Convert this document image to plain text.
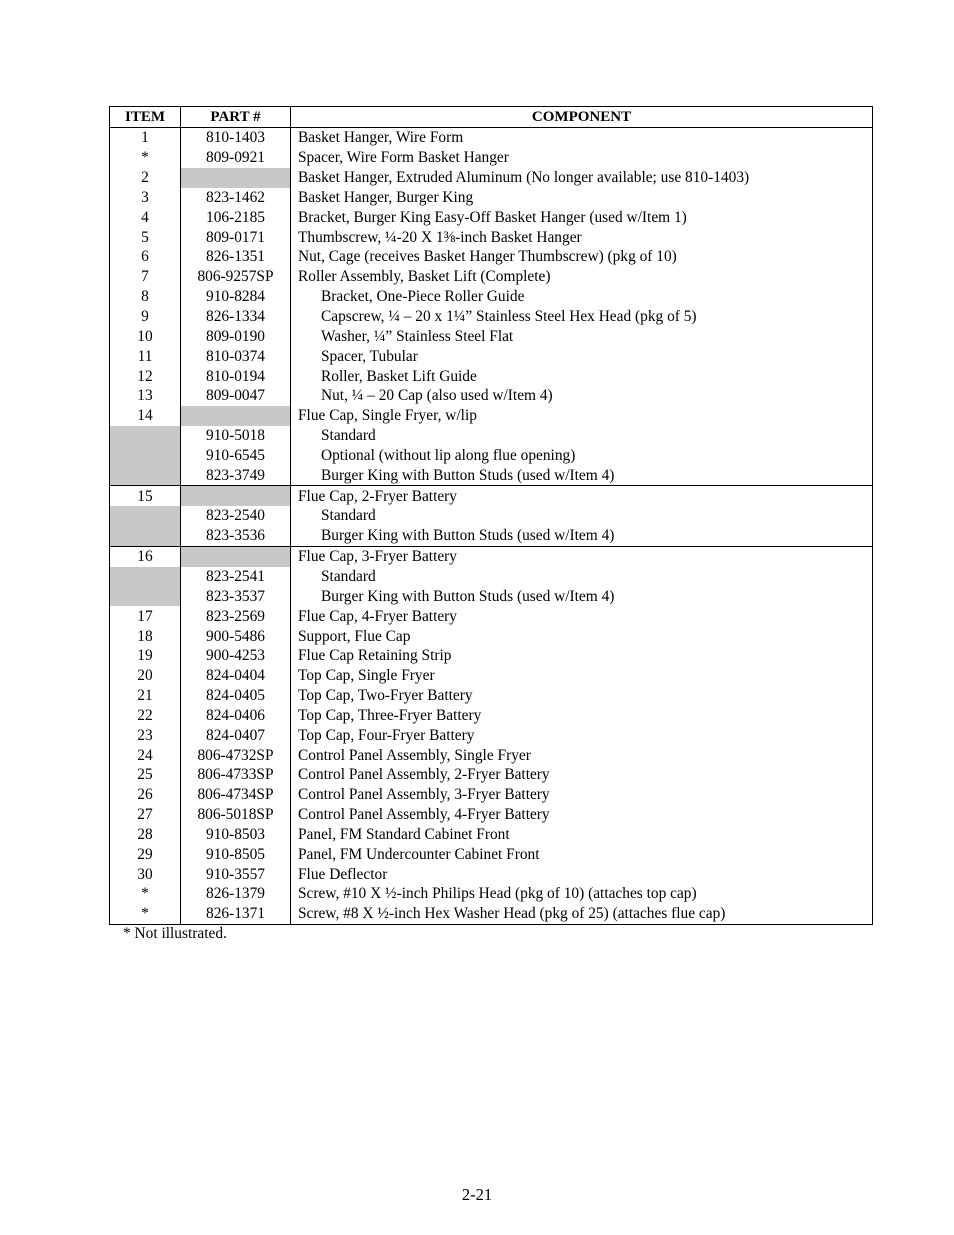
ITEM	PART #	COMPONENT
1	810-1403	Basket Hanger, Wire Form
*	809-0921	Spacer, Wire Form Basket Hanger
2		Basket Hanger, Extruded Aluminum (No longer available; use 810-1403)
3	823-1462	Basket Hanger, Burger King
4	106-2185	Bracket, Burger King Easy-Off Basket Hanger (used w/Item 1)
5	809-0171	Thumbscrew, ¼-20 X 1⅜-inch Basket Hanger
6	826-1351	Nut, Cage (receives Basket Hanger Thumbscrew) (pkg of 10)
7	806-9257SP	Roller Assembly, Basket Lift (Complete)
8	910-8284	Bracket, One-Piece Roller Guide
9	826-1334	Capscrew, ¼ – 20 x 1¼” Stainless Steel Hex Head (pkg of 5)
10	809-0190	Washer, ¼” Stainless Steel Flat
11	810-0374	Spacer, Tubular
12	810-0194	Roller, Basket Lift Guide
13	809-0047	Nut, ¼ – 20 Cap (also used w/Item 4)
14		Flue Cap, Single Fryer, w/lip
	910-5018	Standard
	910-6545	Optional (without lip along flue opening)
	823-3749	Burger King with Button Studs (used w/Item 4)
15		Flue Cap, 2-Fryer Battery
	823-2540	Standard
	823-3536	Burger King with Button Studs (used w/Item 4)
16		Flue Cap, 3-Fryer Battery
	823-2541	Standard
	823-3537	Burger King with Button Studs (used w/Item 4)
17	823-2569	Flue Cap, 4-Fryer Battery
18	900-5486	Support, Flue Cap
19	900-4253	Flue Cap Retaining Strip
20	824-0404	Top Cap, Single Fryer
21	824-0405	Top Cap, Two-Fryer Battery
22	824-0406	Top Cap, Three-Fryer Battery
23	824-0407	Top Cap, Four-Fryer Battery
24	806-4732SP	Control Panel Assembly, Single Fryer
25	806-4733SP	Control Panel Assembly, 2-Fryer Battery
26	806-4734SP	Control Panel Assembly, 3-Fryer Battery
27	806-5018SP	Control Panel Assembly, 4-Fryer Battery
28	910-8503	Panel, FM Standard Cabinet Front
29	910-8505	Panel, FM Undercounter Cabinet Front
30	910-3557	Flue Deflector
*	826-1379	Screw, #10 X ½-inch Philips Head (pkg of 10) (attaches top cap)
*	826-1371	Screw, #8 X ½-inch Hex Washer Head (pkg of 25) (attaches flue cap)
* Not illustrated.
2-21
